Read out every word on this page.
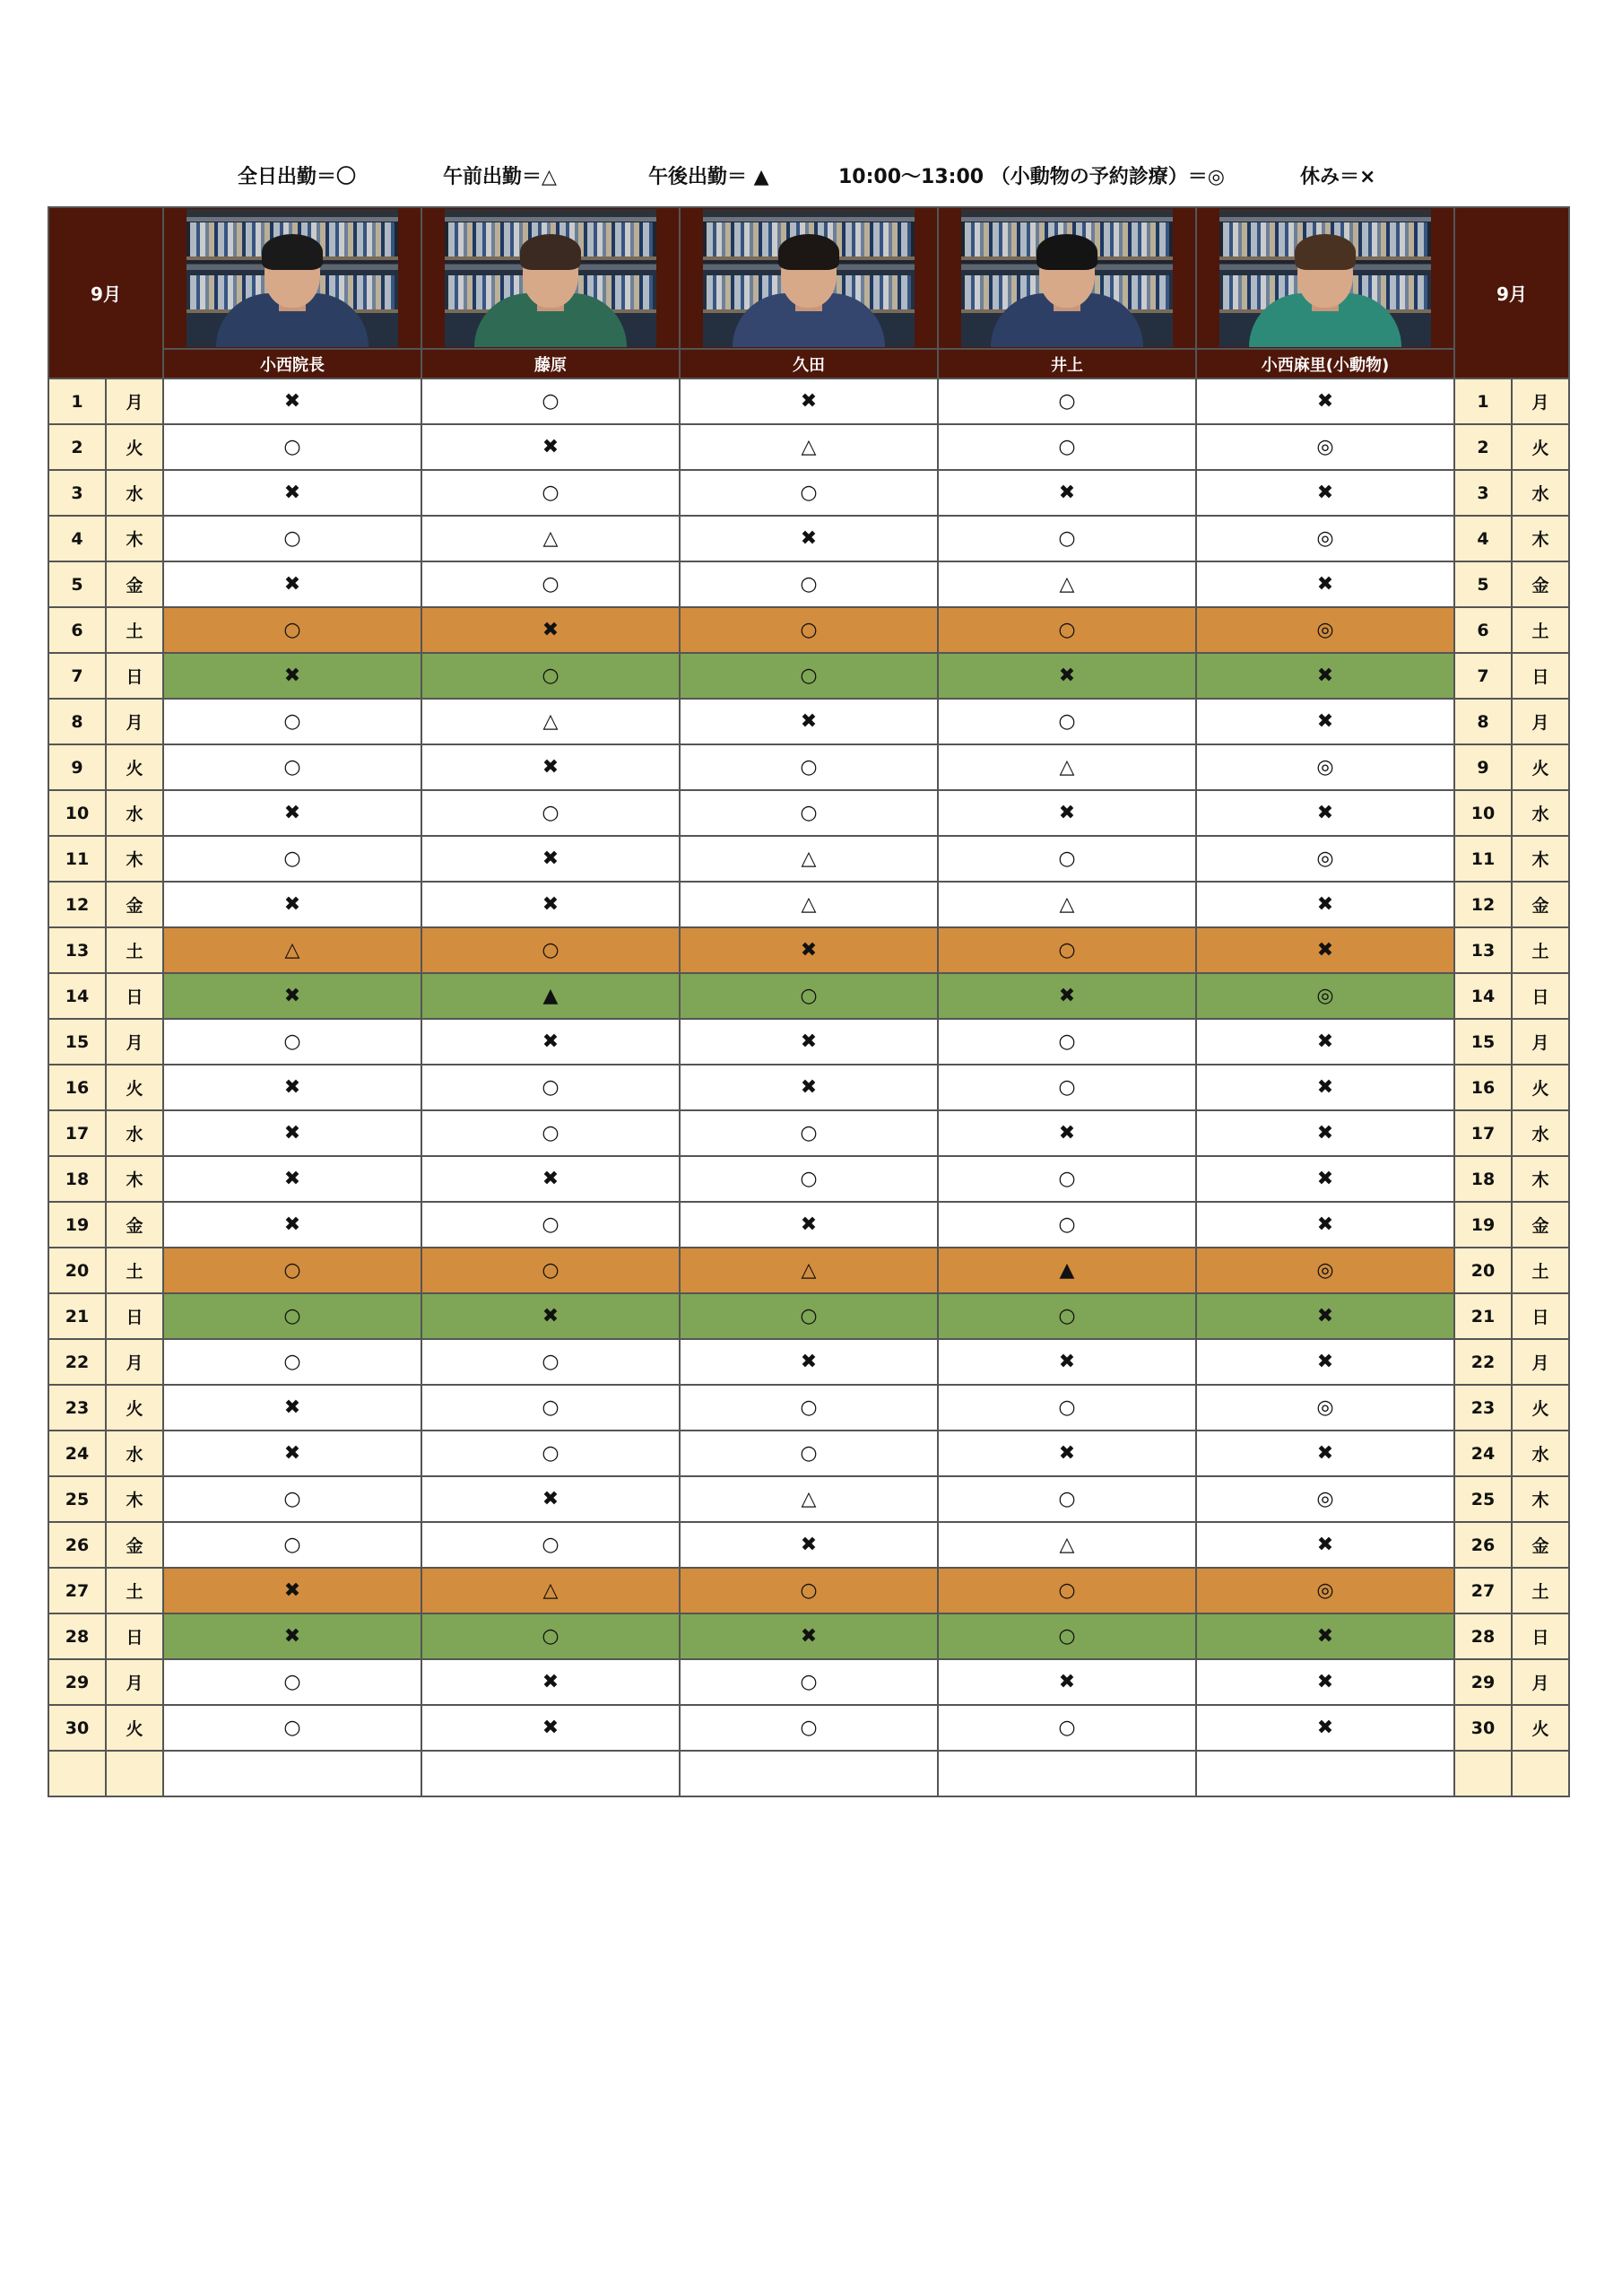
全日出勤＝〇	午前出勤＝△	午後出勤＝ ▲	10:00〜13:00 （小動物の予約診療）＝◎	休み＝×
9月							9月	
		小西院長	藤原	久田	井上	小西麻里(小動物)		
1	月	✖	○	✖	○	✖	1	月
2	火	○	✖	△	○	◎	2	火
3	水	✖	○	○	✖	✖	3	水
4	木	○	△	✖	○	◎	4	木
5	金	✖	○	○	△	✖	5	金
6	土	○	✖	○	○	◎	6	土
7	日	✖	○	○	✖	✖	7	日
8	月	○	△	✖	○	✖	8	月
9	火	○	✖	○	△	◎	9	火
10	水	✖	○	○	✖	✖	10	水
11	木	○	✖	△	○	◎	11	木
12	金	✖	✖	△	△	✖	12	金
13	土	△	○	✖	○	✖	13	土
14	日	✖	▲	○	✖	◎	14	日
15	月	○	✖	✖	○	✖	15	月
16	火	✖	○	✖	○	✖	16	火
17	水	✖	○	○	✖	✖	17	水
18	木	✖	✖	○	○	✖	18	木
19	金	✖	○	✖	○	✖	19	金
20	土	○	○	△	▲	◎	20	土
21	日	○	✖	○	○	✖	21	日
22	月	○	○	✖	✖	✖	22	月
23	火	✖	○	○	○	◎	23	火
24	水	✖	○	○	✖	✖	24	水
25	木	○	✖	△	○	◎	25	木
26	金	○	○	✖	△	✖	26	金
27	土	✖	△	○	○	◎	27	土
28	日	✖	○	✖	○	✖	28	日
29	月	○	✖	○	✖	✖	29	月
30	火	○	✖	○	○	✖	30	火
